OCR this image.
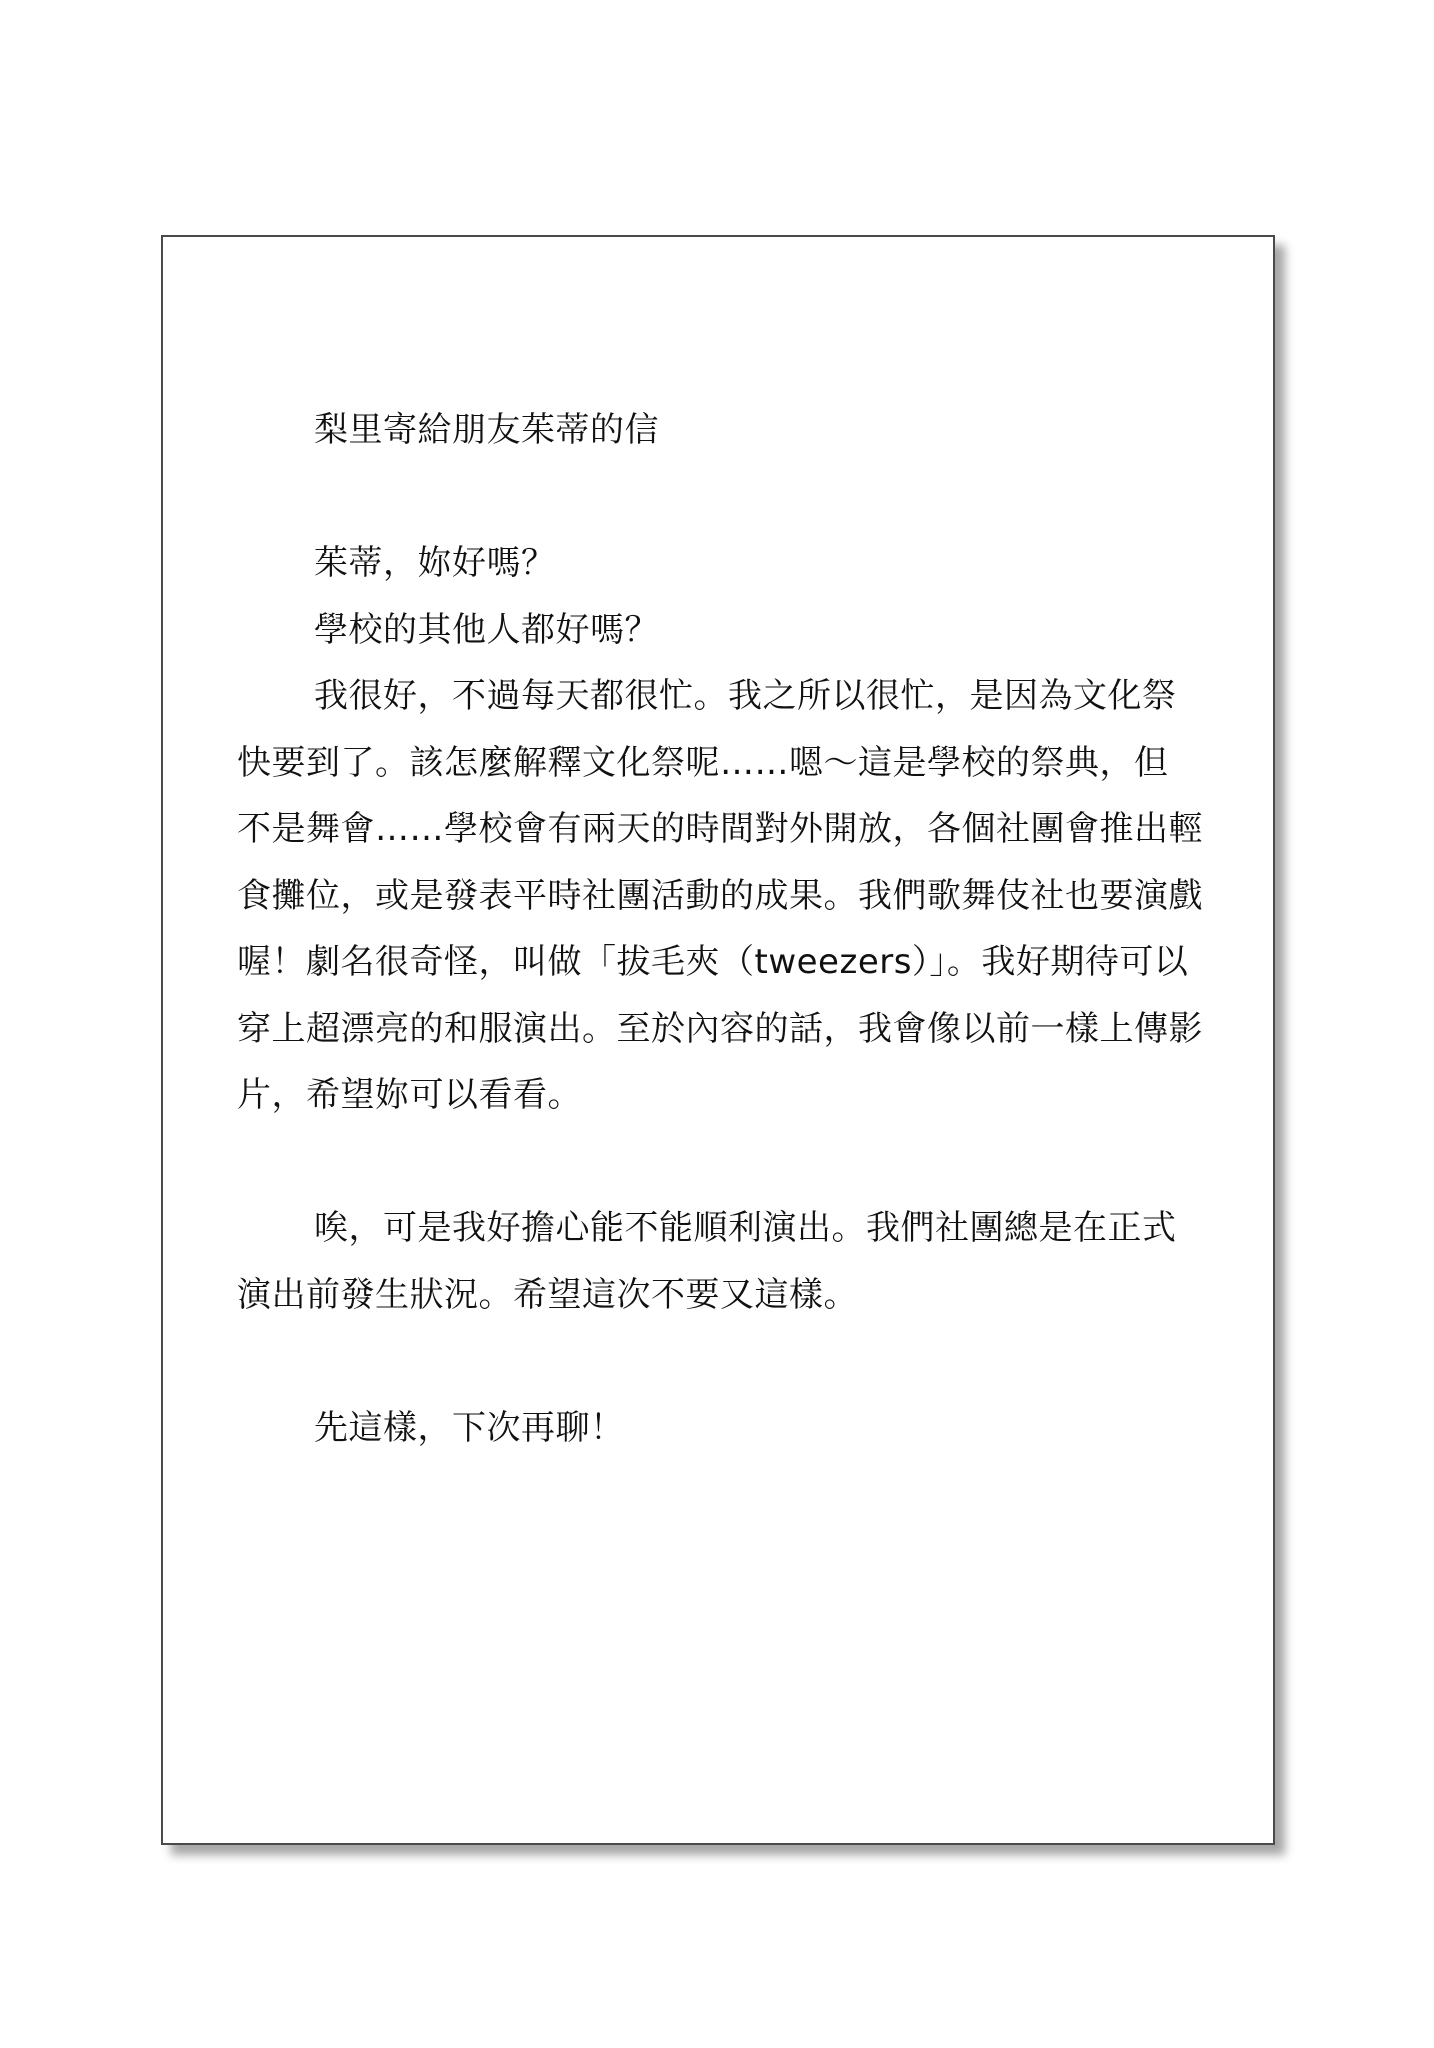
梨里寄給朋友茱蒂的信
茱蒂，妳好嗎？
學校的其他人都好嗎？
我很好，不過每天都很忙。我之所以很忙，是因為文化祭
快要到了。該怎麼解釋文化祭呢……嗯～這是學校的祭典，但
不是舞會……學校會有兩天的時間對外開放，各個社團會推出輕
食攤位，或是發表平時社團活動的成果。我們歌舞伎社也要演戲
喔！劇名很奇怪，叫做「拔毛夾（tweezers）」。我好期待可以
穿上超漂亮的和服演出。至於內容的話，我會像以前一樣上傳影
片，希望妳可以看看。
唉，可是我好擔心能不能順利演出。我們社團總是在正式
演出前發生狀況。希望這次不要又這樣。
先這樣，下次再聊！
